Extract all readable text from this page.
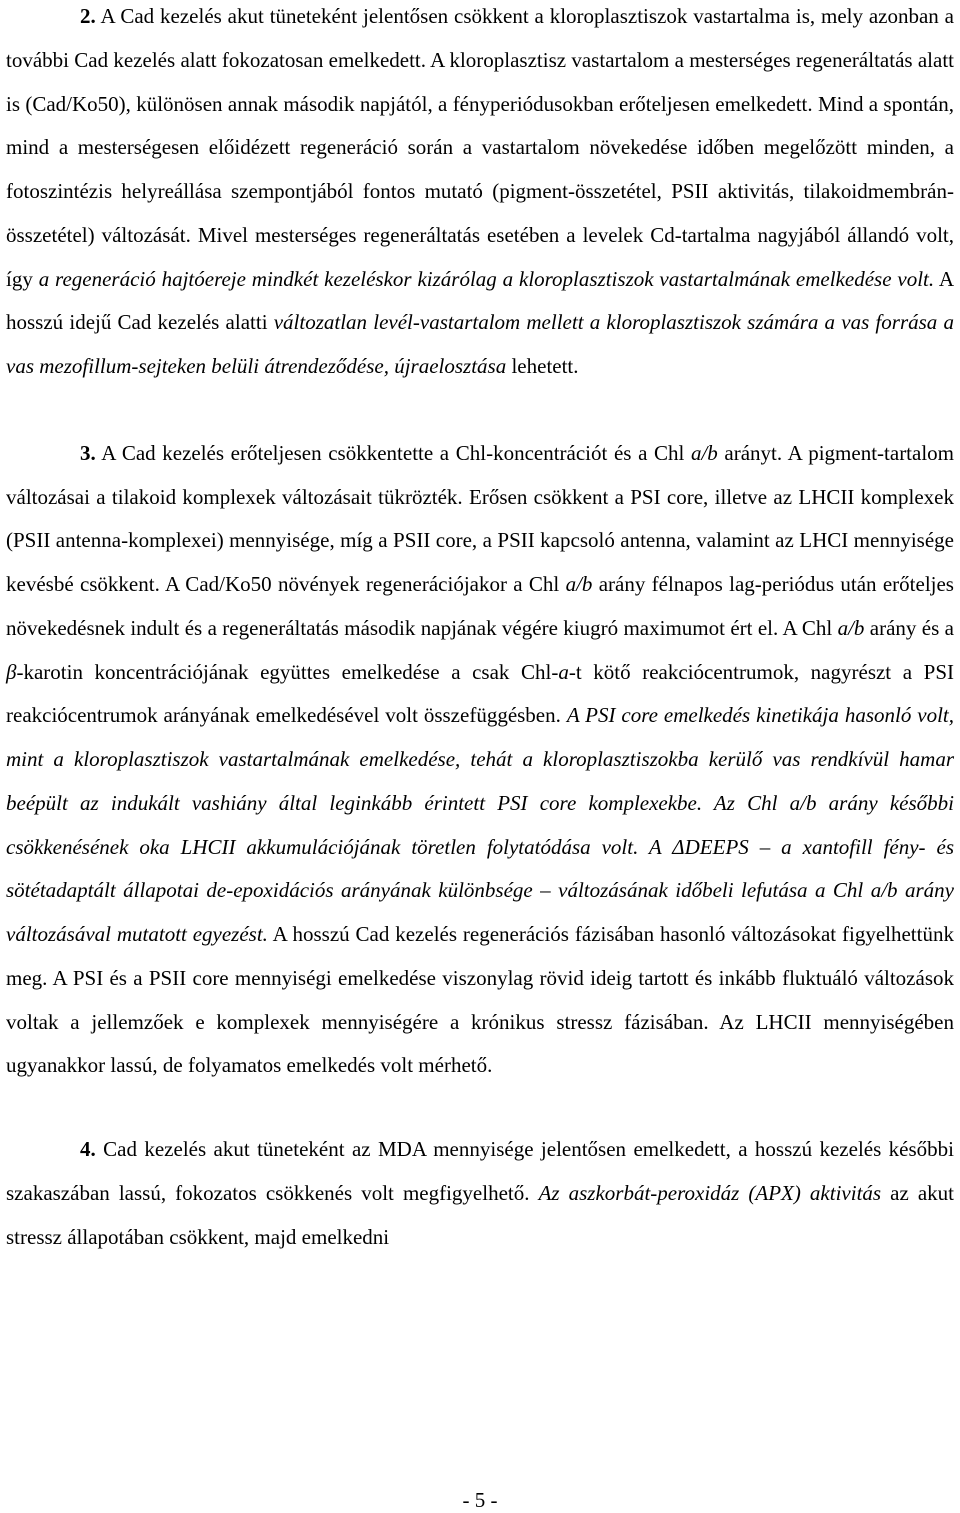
2. A Cad kezelés akut tüneteként jelentősen csökkent a kloroplasztiszok vastartalma is, mely azonban a további Cad kezelés alatt fokozatosan emelkedett. A kloroplasztisz vastartalom a mesterséges regeneráltatás alatt is (Cad/Ko50), különösen annak második napjától, a fényperiódusokban erőteljesen emelkedett. Mind a spontán, mind a mesterségesen előidézett regeneráció során a vastartalom növekedése időben megelőzött minden, a fotoszintézis helyreállása szempontjából fontos mutató (pigment-összetétel, PSII aktivitás, tilakoidmembrán-összetétel) változását. Mivel mesterséges regeneráltatás esetében a levelek Cd-tartalma nagyjából állandó volt, így a regeneráció hajtóereje mindkét kezeléskor kizárólag a kloroplasztiszok vastartalmának emelkedése volt. A hosszú idejű Cad kezelés alatti változatlan levél-vastartalom mellett a kloroplasztiszok számára a vas forrása a vas mezofillum-sejteken belüli átrendeződése, újraelosztása lehetett.

3. A Cad kezelés erőteljesen csökkentette a Chl-koncentrációt és a Chl a/b arányt. A pigment-tartalom változásai a tilakoid komplexek változásait tükrözték. Erősen csökkent a PSI core, illetve az LHCII komplexek (PSII antenna-komplexei) mennyisége, míg a PSII core, a PSII kapcsoló antenna, valamint az LHCI mennyisége kevésbé csökkent. A Cad/Ko50 növények regenerációjakor a Chl a/b arány félnapos lag-periódus után erőteljes növekedésnek indult és a regeneráltatás második napjának végére kiugró maximumot ért el. A Chl a/b arány és a β-karotin koncentrációjának együttes emelkedése a csak Chl-a-t kötő reakciócentrumok, nagyrészt a PSI reakciócentrumok arányának emelkedésével volt összefüggésben. A PSI core emelkedés kinetikája hasonló volt, mint a kloroplasztiszok vastartalmának emelkedése, tehát a kloroplasztiszokba kerülő vas rendkívül hamar beépült az indukált vashiány által leginkább érintett PSI core komplexekbe. Az Chl a/b arány későbbi csökkenésének oka LHCII akkumulációjának töretlen folytatódása volt. A ΔDEEPS – a xantofill fény- és sötétadaptált állapotai de-epoxidációs arányának különbsége – változásának időbeli lefutása a Chl a/b arány változásával mutatott egyezést. A hosszú Cad kezelés regenerációs fázisában hasonló változásokat figyelhettünk meg. A PSI és a PSII core mennyiségi emelkedése viszonylag rövid ideig tartott és inkább fluktuáló változások voltak a jellemzőek e komplexek mennyiségére a krónikus stressz fázisában. Az LHCII mennyiségében ugyanakkor lassú, de folyamatos emelkedés volt mérhető.

4. Cad kezelés akut tüneteként az MDA mennyisége jelentősen emelkedett, a hosszú kezelés későbbi szakaszában lassú, fokozatos csökkenés volt megfigyelhető. Az aszkorbát-peroxidáz (APX) aktivitás az akut stressz állapotában csökkent, majd emelkedni

- 5 -
